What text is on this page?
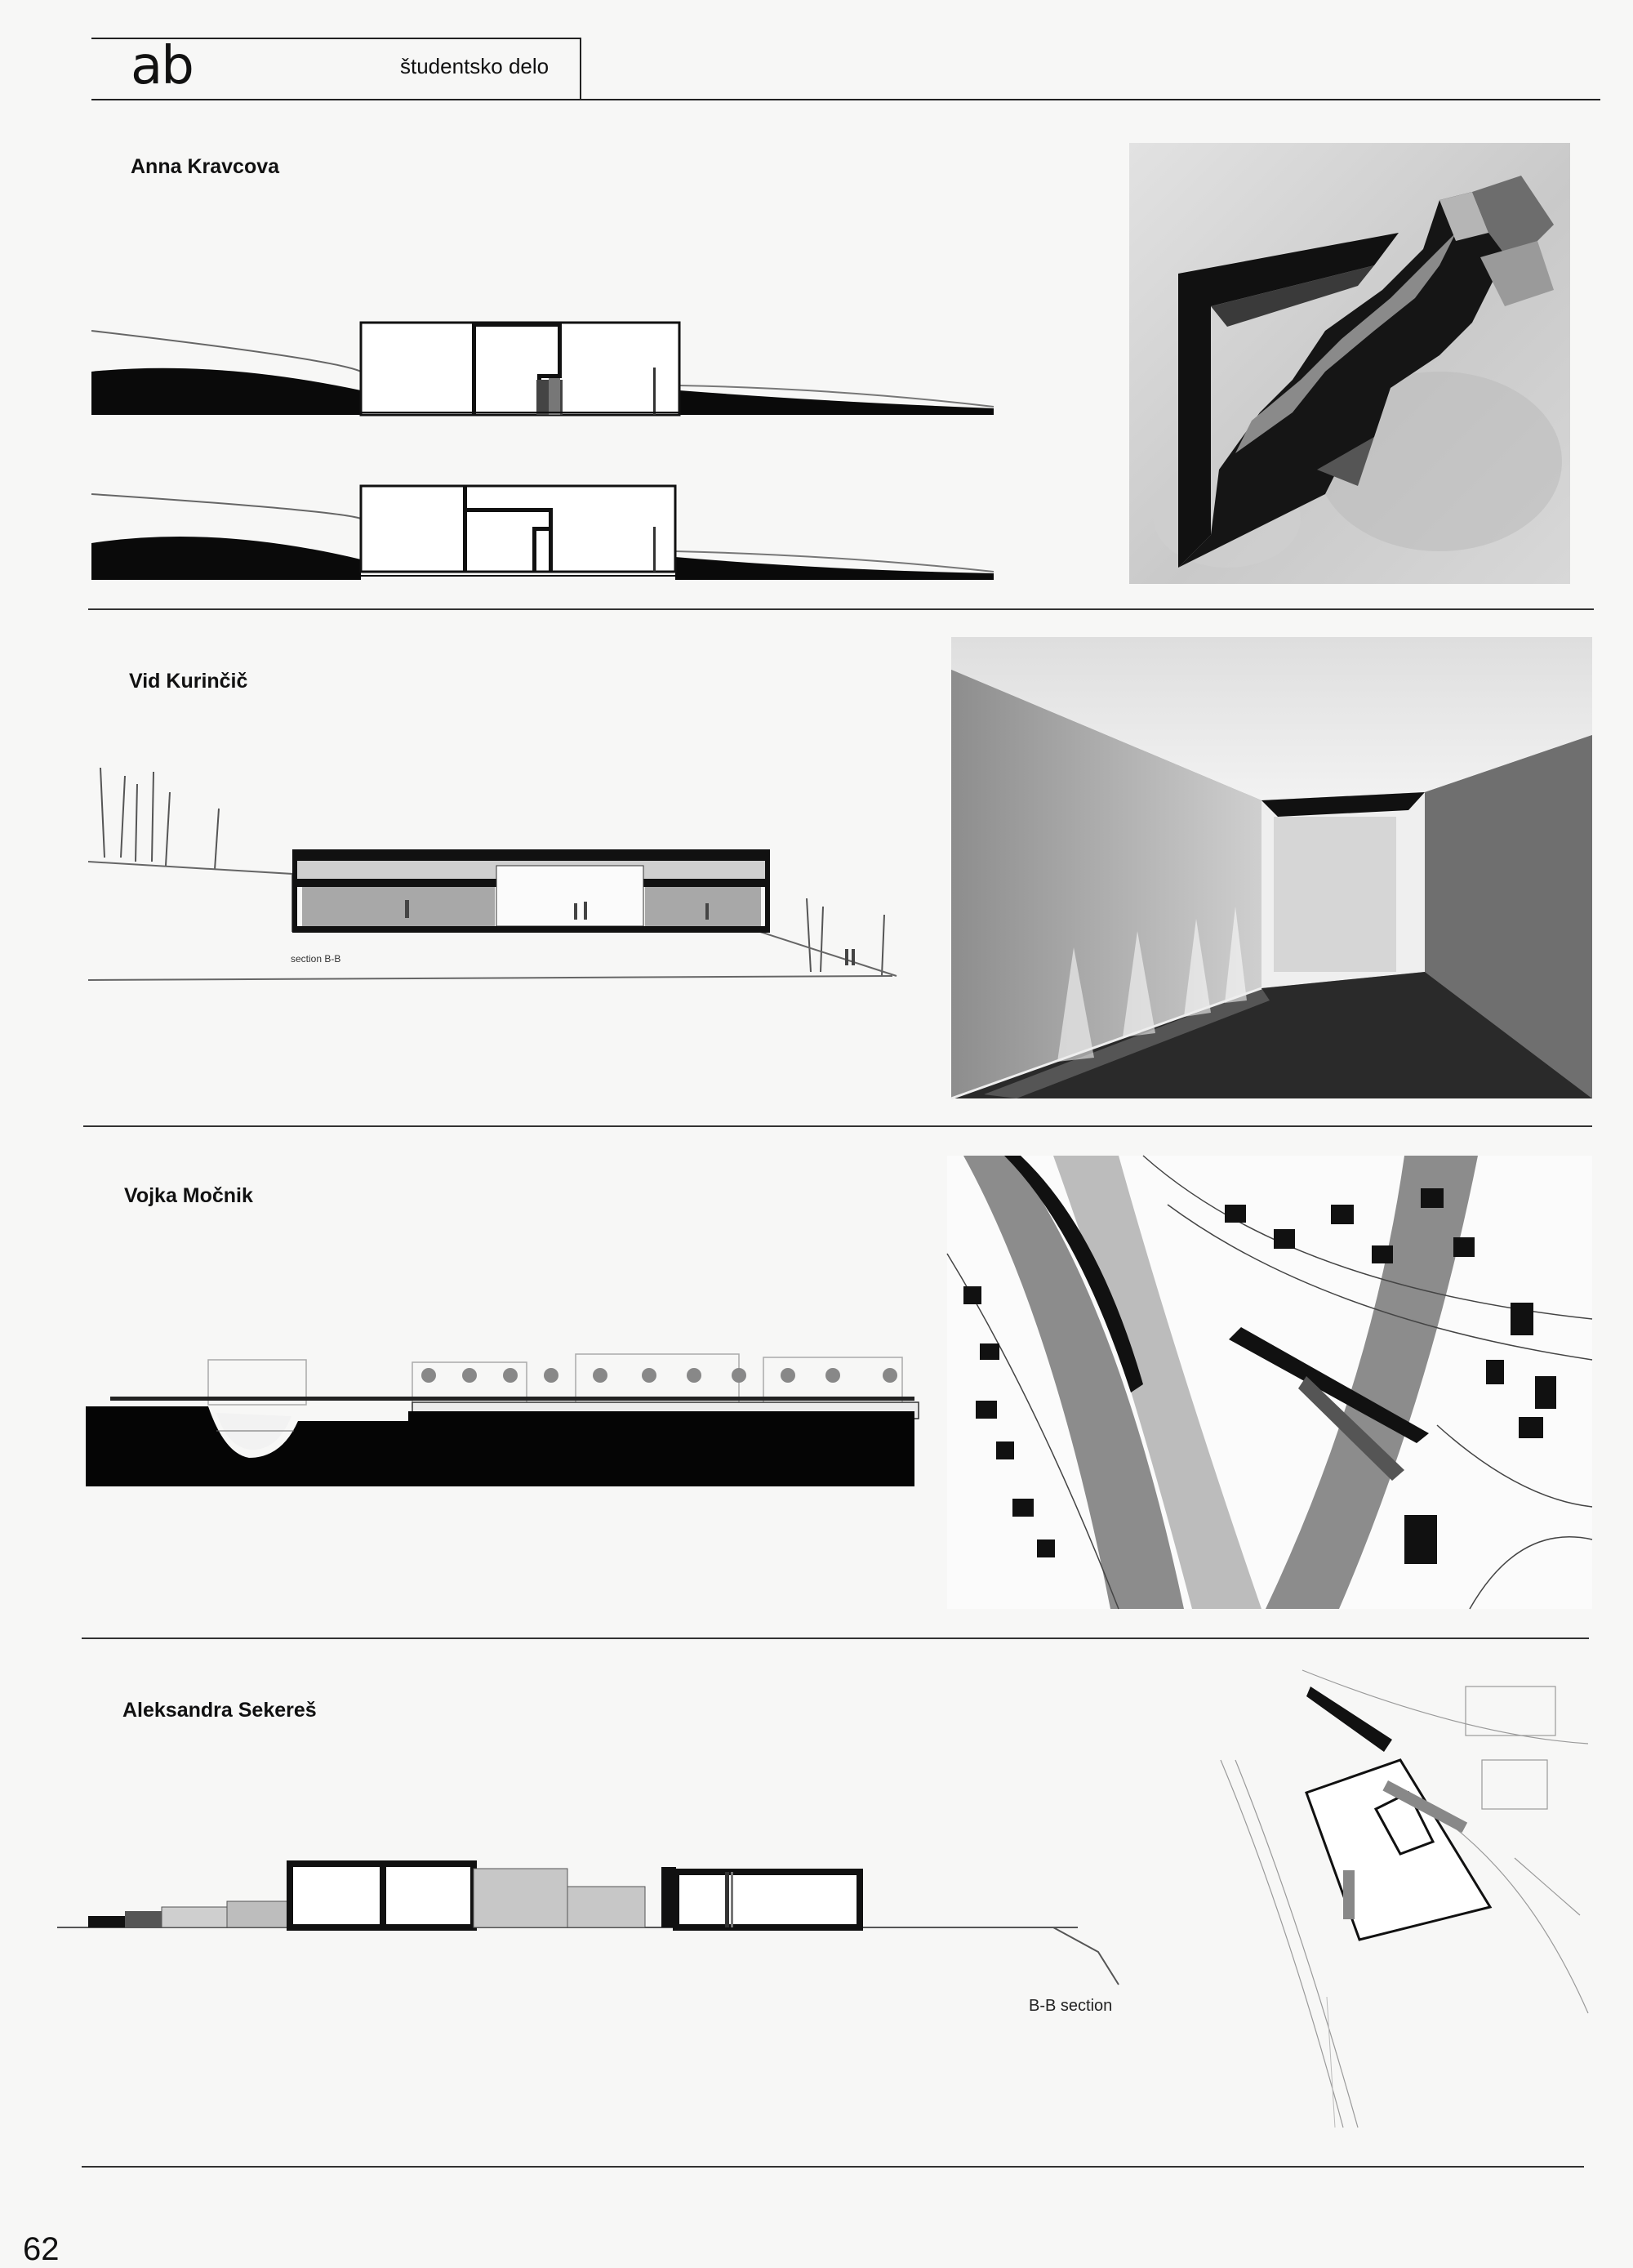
ab	študentsko delo
Anna Kravcova
Vid Kurinčič
section B-B
Vojka Močnik
Aleksandra Sekereš
B-B section
62
